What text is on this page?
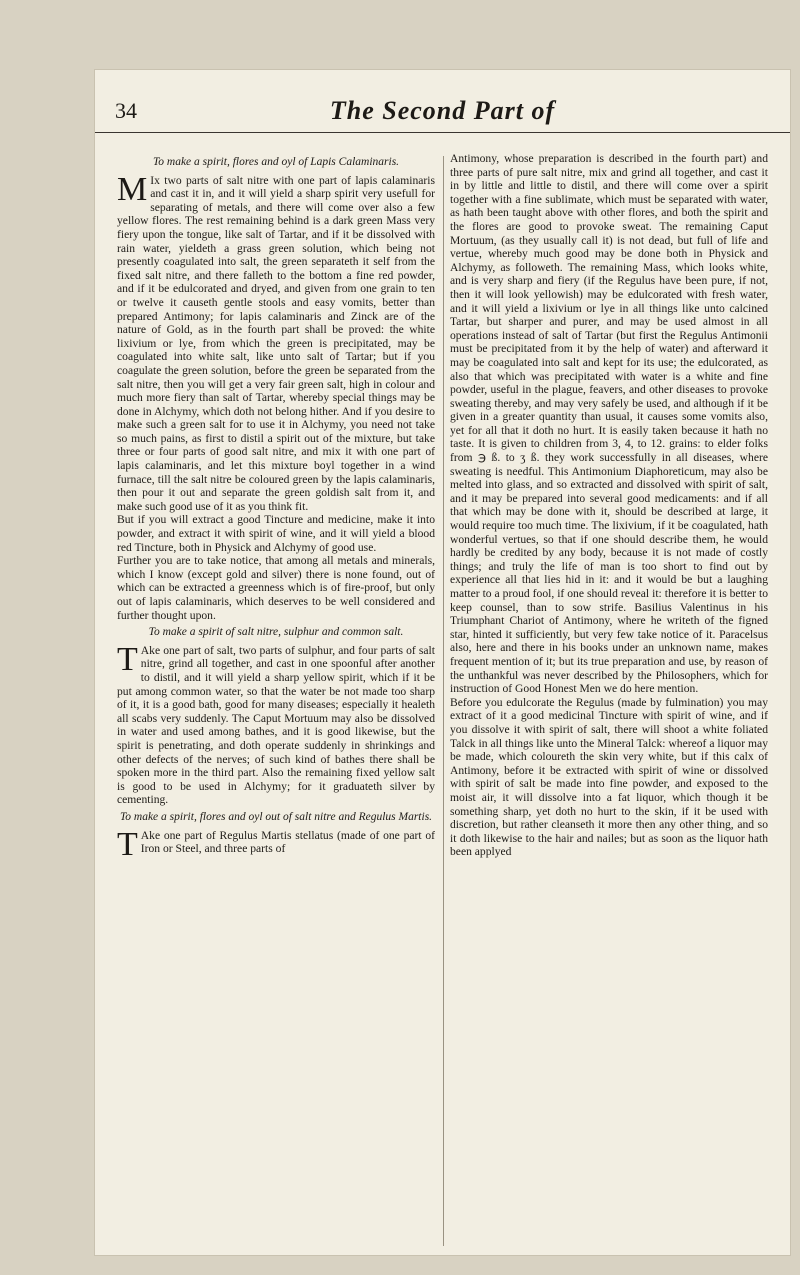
34	The Second Part of
To make a spirit, flores and oyl of Lapis Calaminaris.

M Ix two parts of salt nitre with one part of lapis calaminaris and cast it in, and it will yield a sharp spirit very usefull for separating of metals, and there will come over also a few yellow flores. The rest remaining behind is a dark green Mass very fiery upon the tongue, like salt of Tartar, and if it be dissolved with rain water, yieldeth a grass green solution, which being not presently coagulated into salt, the green separateth it self from the fixed salt nitre, and there falleth to the bottom a fine red powder, and if it be edulcorated and dryed, and given from one grain to ten or twelve it causeth gentle stools and easy vomits, better than prepared Antimony; for lapis calaminaris and Zinck are of the nature of Gold, as in the fourth part shall be proved: the white lixivium or lye, from which the green is precipitated, may be coagulated into white salt, like unto salt of Tartar; but if you coagulate the green solution, before the green be separated from the salt nitre, then you will get a very fair green salt, high in colour and much more fiery than salt of Tartar, whereby special things may be done in Alchymy, which doth not belong hither. And if you desire to make such a green salt for to use it in Alchymy, you need not take so much pains, as first to distil a spirit out of the mixture, but take three or four parts of good salt nitre, and mix it with one part of lapis calaminaris, and let this mixture boyl together in a wind furnace, till the salt nitre be coloured green by the lapis calaminaris, then pour it out and separate the green goldish salt from it, and make such good use of it as you think fit.

But if you will extract a good Tincture and medicine, make it into powder, and extract it with spirit of wine, and it will yield a blood red Tincture, both in Physick and Alchymy of good use.

Further you are to take notice, that among all metals and minerals, which I know (except gold and silver) there is none found, out of which can be extracted a greenness which is of fire-proof, but only out of lapis calaminaris, which deserves to be well considered and further thought upon.

To make a spirit of salt nitre, sulphur and common salt.

T Ake one part of salt, two parts of sulphur, and four parts of salt nitre, grind all together, and cast in one spoonful after another to distil, and it will yield a sharp yellow spirit, which if it be put among common water, so that the water be not made too sharp of it, it is a good bath, good for many diseases; especially it healeth all scabs very suddenly. The Caput Mortuum may also be dissolved in water and used among bathes, and it is good likewise, but the spirit is penetrating, and doth operate suddenly in shrinkings and other defects of the nerves; of such kind of bathes there shall be spoken more in the third part. Also the remaining fixed yellow salt is good to be used in Alchymy; for it graduateth silver by cementing.

To make a spirit, flores and oyl out of salt nitre and Regulus Martis.

T Ake one part of Regulus Martis stellatus (made of one part of Iron or Steel, and three parts of

Antimony, whose preparation is described in the fourth part) and three parts of pure salt nitre, mix and grind all together, and cast it in by little and little to distil, and there will come over a spirit together with a fine sublimate, which must be separated with water, as hath been taught above with other flores, and both the spirit and the flores are good to provoke sweat. The remaining Caput Mortuum, (as they usually call it) is not dead, but full of life and vertue, whereby much good may be done both in Physick and Alchymy, as followeth. The remaining Mass, which looks white, and is very sharp and fiery (if the Regulus have been pure, if not, then it will look yellowish) may be edulcorated with fresh water, and it will yield a lixivium or lye in all things like unto calcined Tartar, but sharper and purer, and may be used almost in all operations instead of salt of Tartar (but first the Regulus Antimonii must be precipitated from it by the help of water) and afterward it may be coagulated into salt and kept for its use; the edulcorated, as also that which was precipitated with water is a white and fine powder, useful in the plague, feavers, and other diseases to provoke sweating thereby, and may very safely be used, and although if it be given in a greater quantity than usual, it causes some vomits also, yet for all that it doth no hurt. It is easily taken because it hath no taste. It is given to children from 3, 4, to 12. grains: to elder folks from ℈ ß. to ʒ ß. they work successfully in all diseases, where sweating is needful. This Antimonium Diaphoreticum, may also be melted into glass, and so extracted and dissolved with spirit of salt, and it may be prepared into several good medicaments: and if all that which may be done with it, should be described at large, it would require too much time. The lixivium, if it be coagulated, hath wonderful vertues, so that if one should describe them, he would hardly be credited by any body, because it is not made of costly things; and truly the life of man is too short to find out by experience all that lies hid in it: and it would be but a laughing matter to a proud fool, if one should reveal it: therefore it is better to keep counsel, than to sow strife. Basilius Valentinus in his Triumphant Chariot of Antimony, where he writeth of the figned star, hinted it sufficiently, but very few take notice of it. Paracelsus also, here and there in his books under an unknown name, makes frequent mention of it; but its true preparation and use, by reason of the unthankful was never described by the Philosophers, which for instruction of Good Honest Men we do here mention.

Before you edulcorate the Regulus (made by fulmination) you may extract of it a good medicinal Tincture with spirit of wine, and if you dissolve it with spirit of salt, there will shoot a white foliated Talck in all things like unto the Mineral Talck: whereof a liquor may be made, which coloureth the skin very white, but if this calx of Antimony, before it be extracted with spirit of wine or dissolved with spirit of salt be made into fine powder, and exposed to the moist air, it will dissolve into a fat liquor, which though it be something sharp, yet doth no hurt to the skin, if it be used with discretion, but rather cleanseth it more then any other thing, and so it doth likewise to the hair and nailes; but as soon as the liquor hath been applyed
